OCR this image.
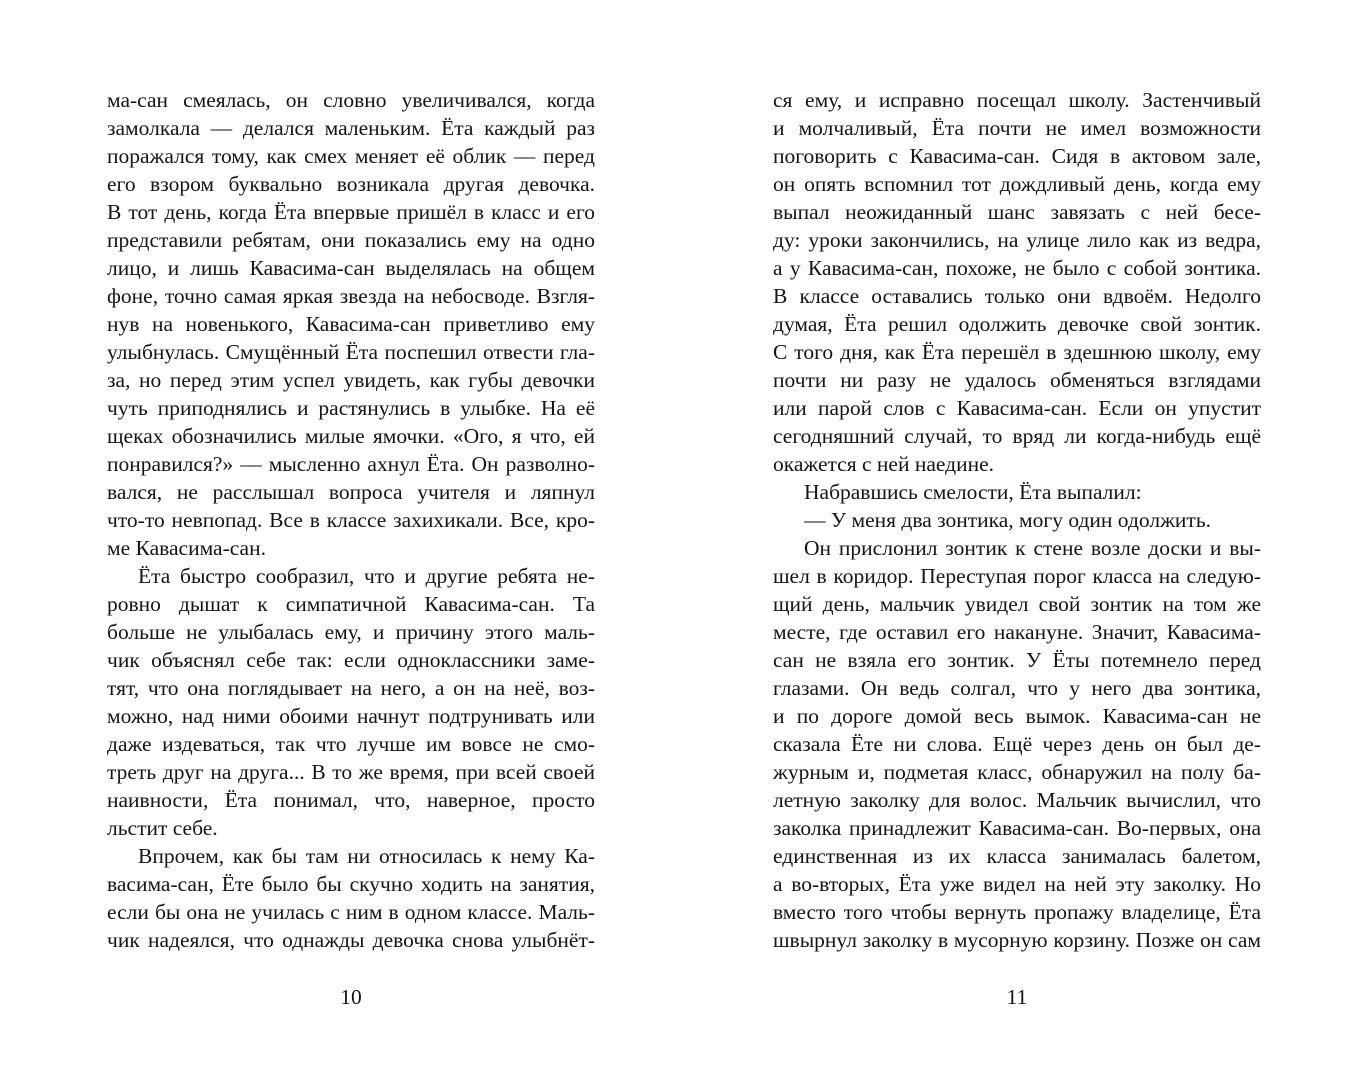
ма-сан смеялась, он словно увеличивался, когда
замолкала — делался маленьким. Ёта каждый раз
поражался тому, как смех меняет её облик — перед
его взором буквально возникала другая девочка.
В тот день, когда Ёта впервые пришёл в класс и его
представили ребятам, они показались ему на одно
лицо, и лишь Кавасима-сан выделялась на общем
фоне, точно самая яркая звезда на небосводе. Взгля-
нув на новенького, Кавасима-сан приветливо ему
улыбнулась. Смущённый Ёта поспешил отвести гла-
за, но перед этим успел увидеть, как губы девочки
чуть приподнялись и растянулись в улыбке. На её
щеках обозначились милые ямочки. «Ого, я что, ей
понравился?» — мысленно ахнул Ёта. Он разволно-
вался, не расслышал вопроса учителя и ляпнул
что-то невпопад. Все в классе захихикали. Все, кро-
ме Кавасима-сан.
Ёта быстро сообразил, что и другие ребята не-
ровно дышат к симпатичной Кавасима-сан. Та
больше не улыбалась ему, и причину этого маль-
чик объяснял себе так: если одноклассники заме-
тят, что она поглядывает на него, а он на неё, воз-
можно, над ними обоими начнут подтрунивать или
даже издеваться, так что лучше им вовсе не смо-
треть друг на друга... В то же время, при всей своей
наивности, Ёта понимал, что, наверное, просто
льстит себе.
Впрочем, как бы там ни относилась к нему Ка-
васима-сан, Ёте было бы скучно ходить на занятия,
если бы она не училась с ним в одном классе. Маль-
чик надеялся, что однажды девочка снова улыбнёт-
10
ся ему, и исправно посещал школу. Застенчивый
и молчаливый, Ёта почти не имел возможности
поговорить с Кавасима-сан. Сидя в актовом зале,
он опять вспомнил тот дождливый день, когда ему
выпал неожиданный шанс завязать с ней бесе-
ду: уроки закончились, на улице лило как из ведра,
а у Кавасима-сан, похоже, не было с собой зонтика.
В классе оставались только они вдвоём. Недолго
думая, Ёта решил одолжить девочке свой зонтик.
С того дня, как Ёта перешёл в здешнюю школу, ему
почти ни разу не удалось обменяться взглядами
или парой слов с Кавасима-сан. Если он упустит
сегодняшний случай, то вряд ли когда-нибудь ещё
окажется с ней наедине.
Набравшись смелости, Ёта выпалил:
— У меня два зонтика, могу один одолжить.
Он прислонил зонтик к стене возле доски и вы-
шел в коридор. Переступая порог класса на следую-
щий день, мальчик увидел свой зонтик на том же
месте, где оставил его накануне. Значит, Кавасима-
сан не взяла его зонтик. У Ёты потемнело перед
глазами. Он ведь солгал, что у него два зонтика,
и по дороге домой весь вымок. Кавасима-сан не
сказала Ёте ни слова. Ещё через день он был де-
журным и, подметая класс, обнаружил на полу ба-
летную заколку для волос. Мальчик вычислил, что
заколка принадлежит Кавасима-сан. Во-первых, она
единственная из их класса занималась балетом,
а во-вторых, Ёта уже видел на ней эту заколку. Но
вместо того чтобы вернуть пропажу владелице, Ёта
швырнул заколку в мусорную корзину. Позже он сам
11
